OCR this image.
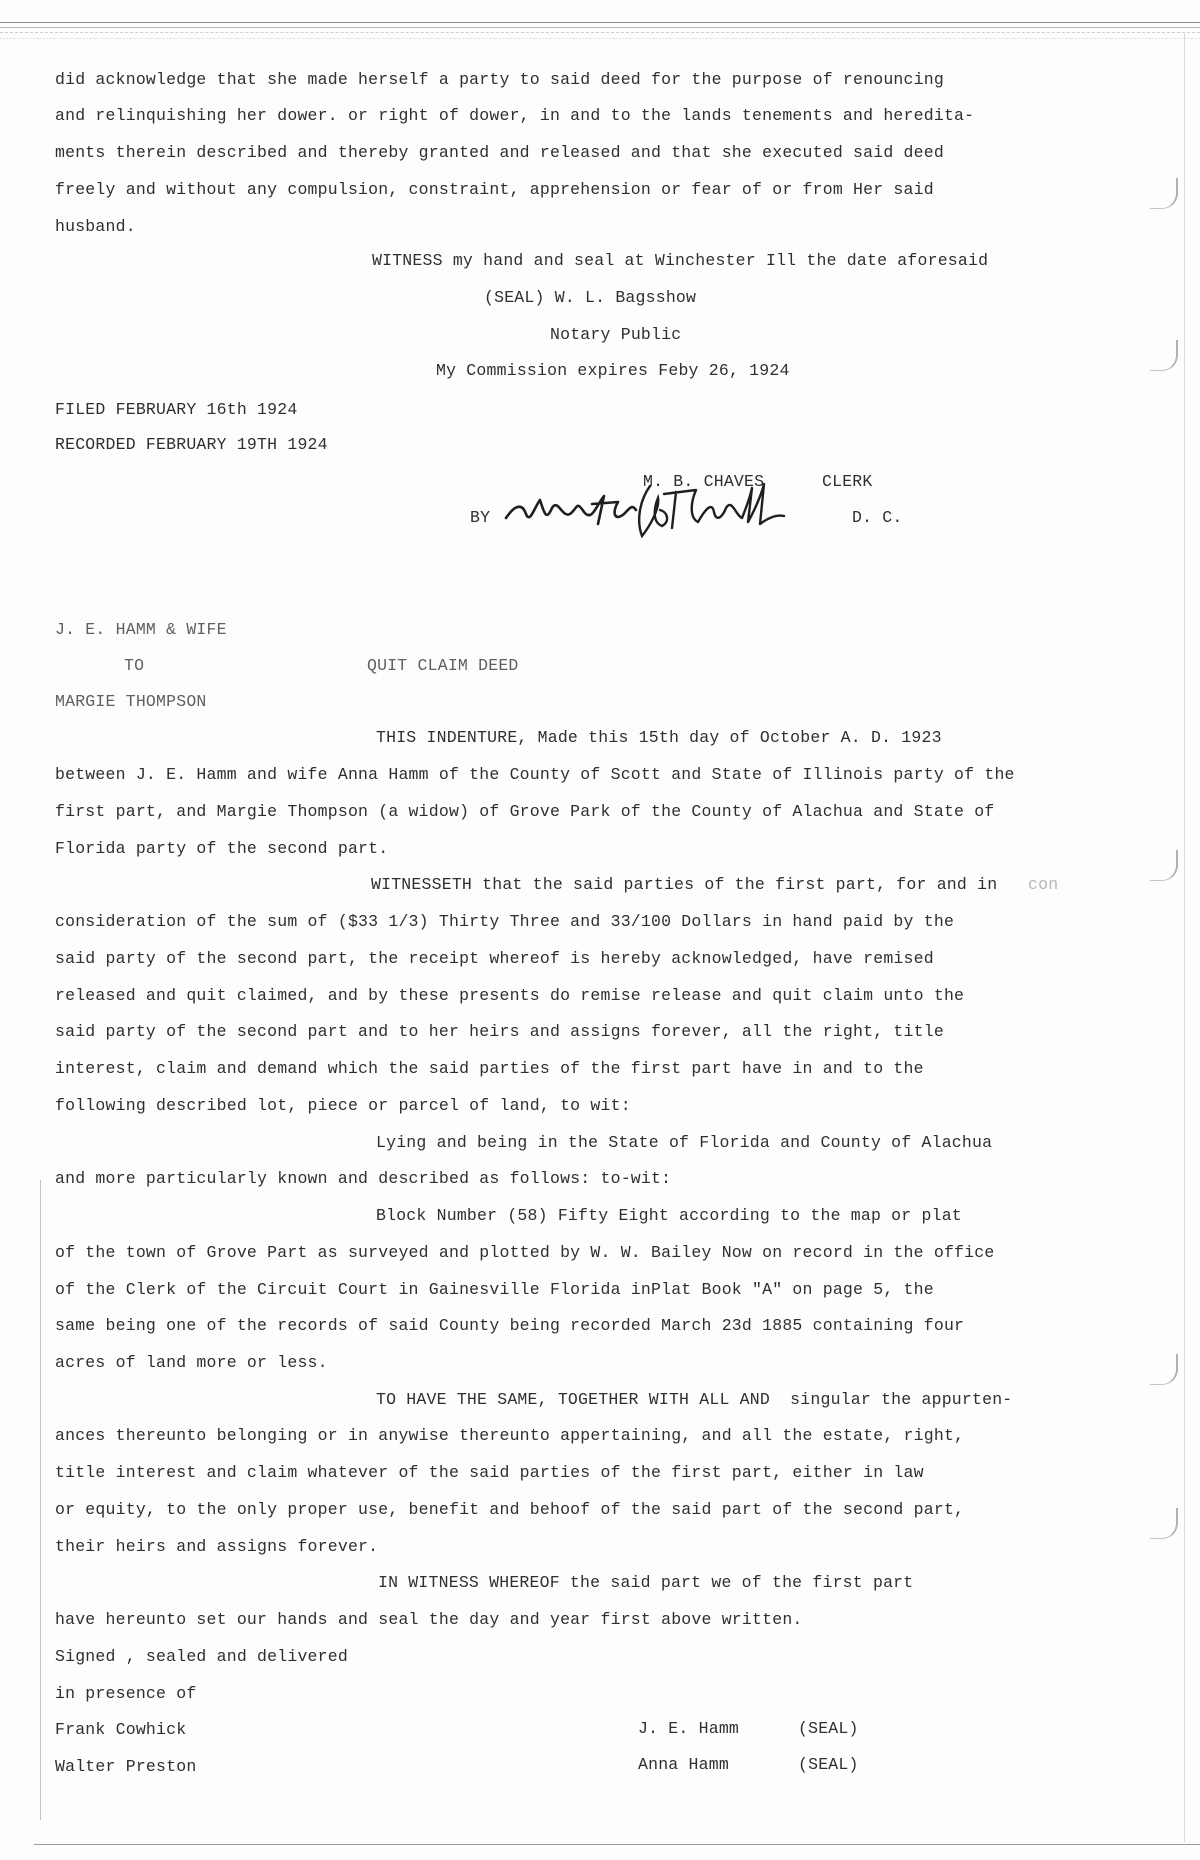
did acknowledge that she made herself a party to said deed for the purpose of renouncing
and relinquishing her dower. or right of dower, in and to the lands tenements and heredita-
ments therein described and thereby granted and released and that she executed said deed
freely and without any compulsion, constraint, apprehension or fear of or from Her said
husband.
WITNESS my hand and seal at Winchester Ill the date aforesaid
(SEAL) W. L. Bagsshow
Notary Public
My Commission expires Feby 26, 1924
FILED FEBRUARY 16th 1924
RECORDED FEBRUARY 19TH 1924
M. B. CHAVES	CLERK
BY	D. C.
J. E. HAMM & WIFE
TO	QUIT CLAIM DEED
MARGIE THOMPSON
THIS INDENTURE, Made this 15th day of October A. D. 1923
between J. E. Hamm and wife Anna Hamm of the County of Scott and State of Illinois party of the
first part, and Margie Thompson (a widow) of Grove Park of the County of Alachua and State of
Florida party of the second part.
WITNESSETH that the said parties of the first part, for and in con
consideration of the sum of ($33 1/3) Thirty Three and 33/100 Dollars in hand paid by the
said party of the second part, the receipt whereof is hereby acknowledged, have remised
released and quit claimed, and by these presents do remise release and quit claim unto the
said party of the second part and to her heirs and assigns forever, all the right, title
interest, claim and demand which the said parties of the first part have in and to the
following described lot, piece or parcel of land, to wit:
Lying and being in the State of Florida and County of Alachua
and more particularly known and described as follows: to-wit:
Block Number (58) Fifty Eight according to the map or plat
of the town of Grove Part as surveyed and plotted by W. W. Bailey Now on record in the office
of the Clerk of the Circuit Court in Gainesville Florida inPlat Book "A" on page 5, the
same being one of the records of said County being recorded March 23d 1885 containing four
acres of land more or less.
TO HAVE THE SAME, TOGETHER WITH ALL AND  singular the appurten-
ances thereunto belonging or in anywise thereunto appertaining, and all the estate, right,
title interest and claim whatever of the said parties of the first part, either in law
or equity, to the only proper use, benefit and behoof of the said part of the second part,
their heirs and assigns forever.
IN WITNESS WHEREOF the said part we of the first part
have hereunto set our hands and seal the day and year first above written.
Signed , sealed and delivered
in presence of
Frank Cowhick
Walter Preston
J. E. Hamm	(SEAL)
Anna Hamm	(SEAL)
